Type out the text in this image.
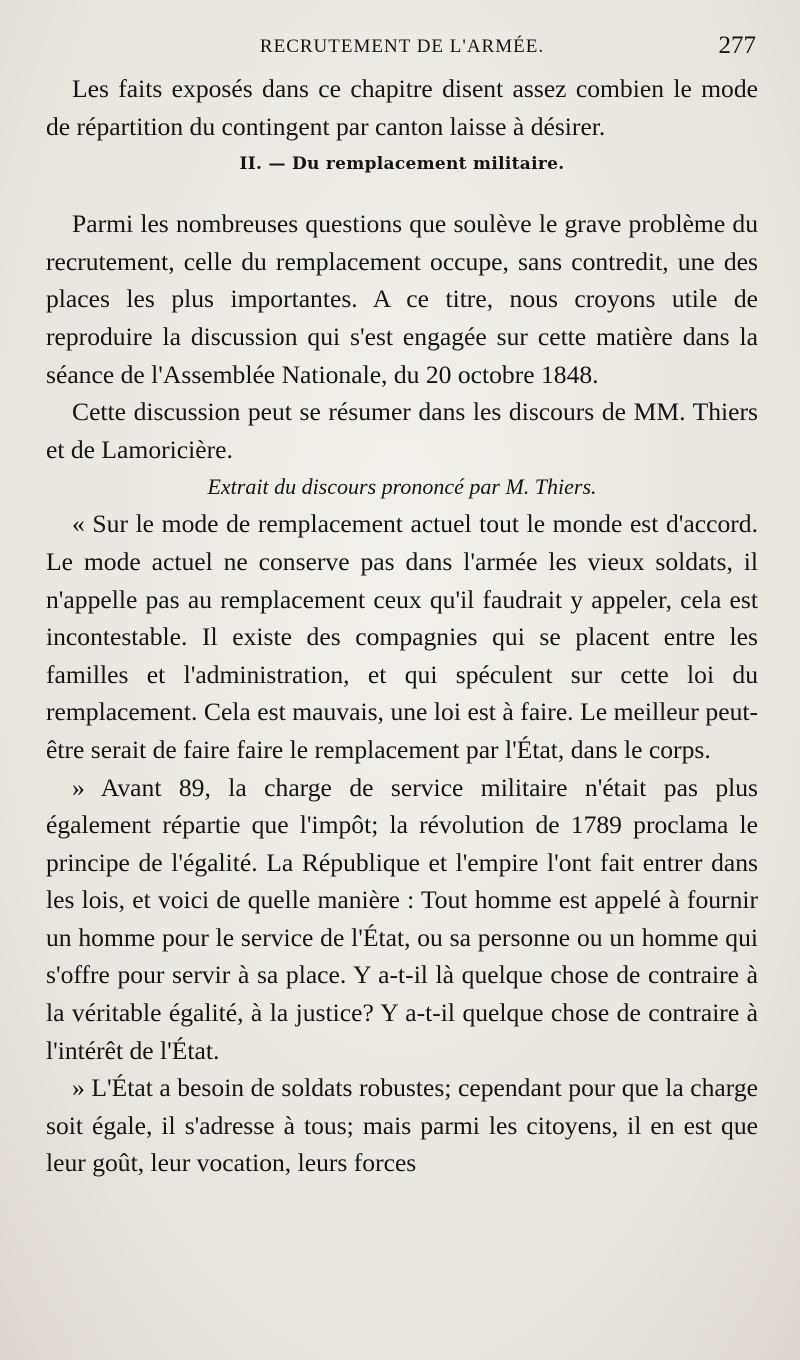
RECRUTEMENT DE L'ARMÉE.	277

Les faits exposés dans ce chapitre disent assez combien le mode de répartition du contingent par canton laisse à désirer.

II. — Du remplacement militaire.

Parmi les nombreuses questions que soulève le grave problème du recrutement, celle du remplacement occupe, sans contredit, une des places les plus importantes. A ce titre, nous croyons utile de reproduire la discussion qui s'est engagée sur cette matière dans la séance de l'Assemblée Nationale, du 20 octobre 1848.

Cette discussion peut se résumer dans les discours de MM. Thiers et de Lamoricière.

Extrait du discours prononcé par M. Thiers.

« Sur le mode de remplacement actuel tout le monde est d'accord. Le mode actuel ne conserve pas dans l'armée les vieux soldats, il n'appelle pas au remplacement ceux qu'il faudrait y appeler, cela est incontestable. Il existe des compagnies qui se placent entre les familles et l'administration, et qui spéculent sur cette loi du remplacement. Cela est mauvais, une loi est à faire. Le meilleur peut-être serait de faire faire le remplacement par l'État, dans le corps.

» Avant 89, la charge de service militaire n'était pas plus également répartie que l'impôt; la révolution de 1789 proclama le principe de l'égalité. La République et l'empire l'ont fait entrer dans les lois, et voici de quelle manière : Tout homme est appelé à fournir un homme pour le service de l'État, ou sa personne ou un homme qui s'offre pour servir à sa place. Y a-t-il là quelque chose de contraire à la véritable égalité, à la justice? Y a-t-il quelque chose de contraire à l'intérêt de l'État.

» L'État a besoin de soldats robustes; cependant pour que la charge soit égale, il s'adresse à tous; mais parmi les citoyens, il en est que leur goût, leur vocation, leurs forces
